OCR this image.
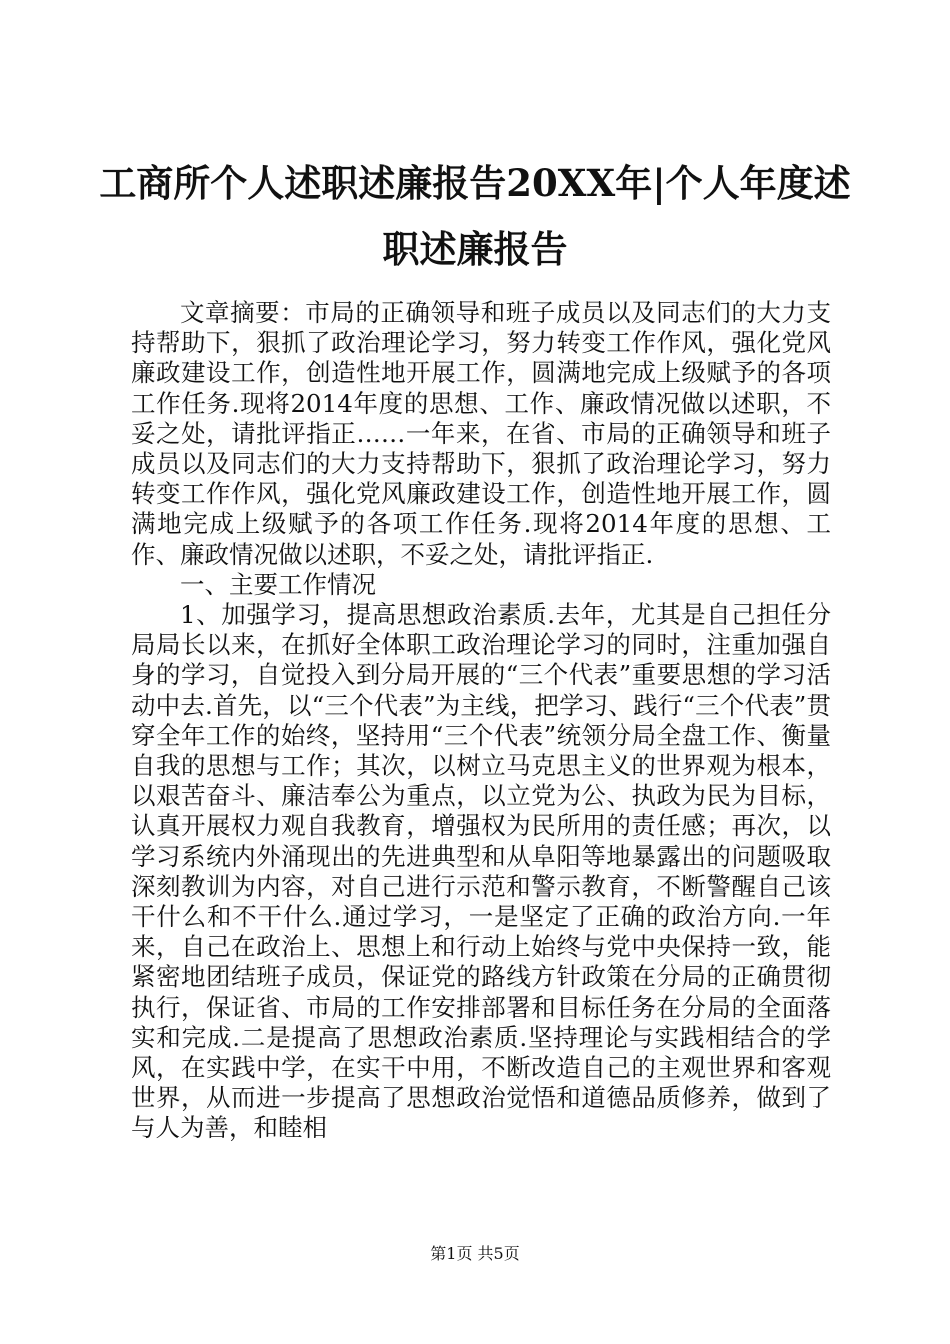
工商所个人述职述廉报告20XX年|个人年度述职述廉报告

文章摘要：市局的正确领导和班子成员以及同志们的大力支持帮助下，狠抓了政治理论学习，努力转变工作作风，强化党风廉政建设工作，创造性地开展工作，圆满地完成上级赋予的各项工作任务.现将2014年度的思想、工作、廉政情况做以述职，不妥之处，请批评指正……一年来，在省、市局的正确领导和班子成员以及同志们的大力支持帮助下，狠抓了政治理论学习，努力转变工作作风，强化党风廉政建设工作，创造性地开展工作，圆满地完成上级赋予的各项工作任务.现将2014年度的思想、工作、廉政情况做以述职，不妥之处，请批评指正.

一、主要工作情况

1、加强学习，提高思想政治素质.去年，尤其是自己担任分局局长以来，在抓好全体职工政治理论学习的同时，注重加强自身的学习，自觉投入到分局开展的“三个代表”重要思想的学习活动中去.首先，以“三个代表”为主线，把学习、践行“三个代表”贯穿全年工作的始终，坚持用“三个代表”统领分局全盘工作、衡量自我的思想与工作；其次，以树立马克思主义的世界观为根本，以艰苦奋斗、廉洁奉公为重点，以立党为公、执政为民为目标，认真开展权力观自我教育，增强权为民所用的责任感；再次，以学习系统内外涌现出的先进典型和从阜阳等地暴露出的问题吸取深刻教训为内容，对自己进行示范和警示教育，不断警醒自己该干什么和不干什么.通过学习，一是坚定了正确的政治方向.一年来，自己在政治上、思想上和行动上始终与党中央保持一致，能紧密地团结班子成员，保证党的路线方针政策在分局的正确贯彻执行，保证省、市局的工作安排部署和目标任务在分局的全面落实和完成.二是提高了思想政治素质.坚持理论与实践相结合的学风，在实践中学，在实干中用，不断改造自己的主观世界和客观世界，从而进一步提高了思想政治觉悟和道德品质修养，做到了与人为善，和睦相

第1页 共5页
